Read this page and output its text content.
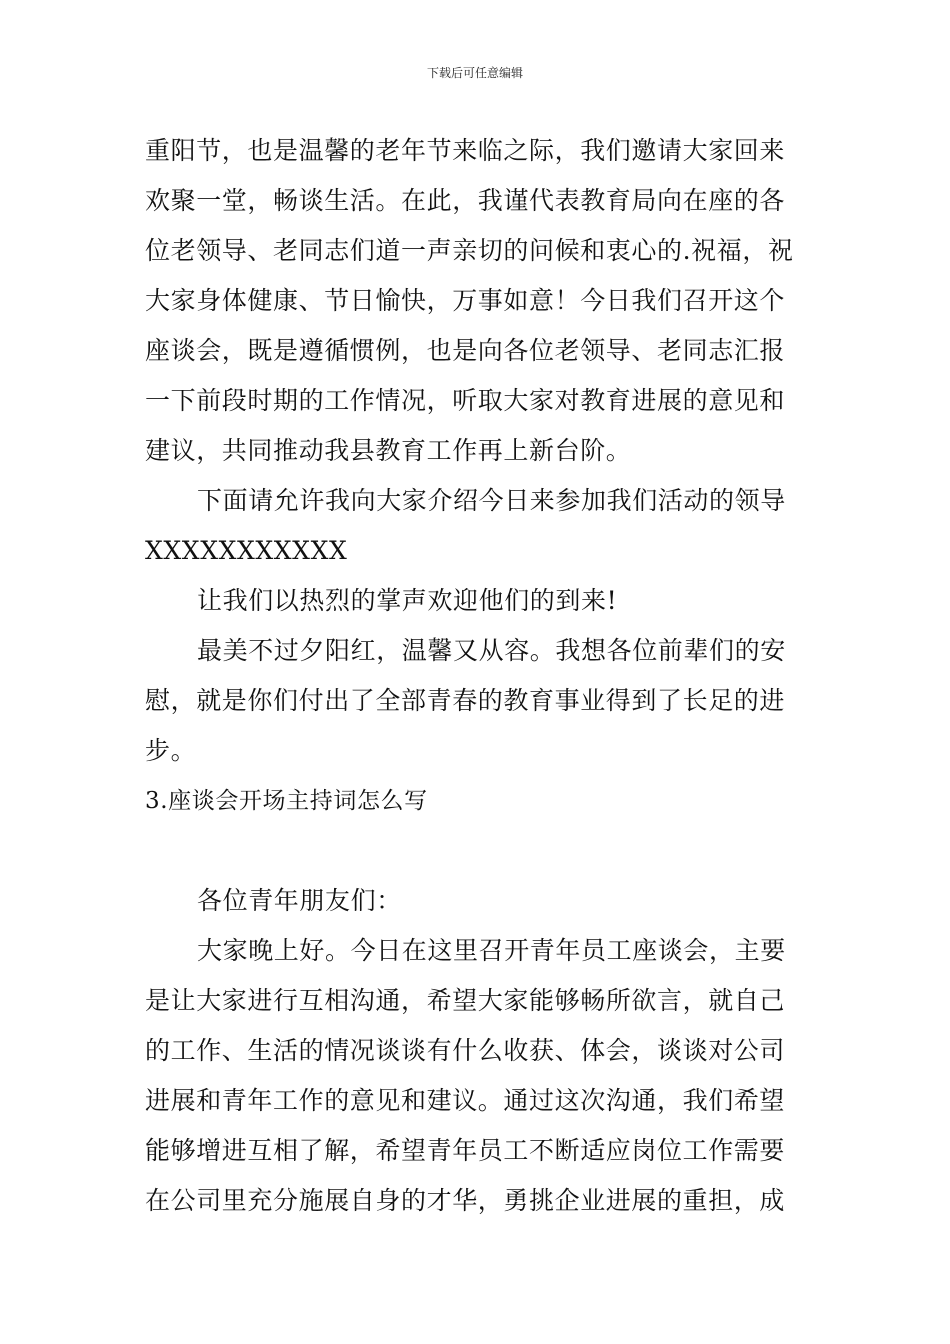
下载后可任意编辑

重阳节，也是温馨的老年节来临之际，我们邀请大家回来欢聚一堂，畅谈生活。在此，我谨代表教育局向在座的各位老领导、老同志们道一声亲切的问候和衷心的.祝福，祝大家身体健康、节日愉快，万事如意！今日我们召开这个座谈会，既是遵循惯例，也是向各位老领导、老同志汇报一下前段时期的工作情况，听取大家对教育进展的意见和建议，共同推动我县教育工作再上新台阶。

下面请允许我向大家介绍今日来参加我们活动的领导XXXXXXXXXXX

让我们以热烈的掌声欢迎他们的到来!

最美不过夕阳红，温馨又从容。我想各位前辈们的安慰，就是你们付出了全部青春的教育事业得到了长足的进步。

3.座谈会开场主持词怎么写

各位青年朋友们：

大家晚上好。今日在这里召开青年员工座谈会，主要是让大家进行互相沟通，希望大家能够畅所欲言，就自己的工作、生活的情况谈谈有什么收获、体会，谈谈对公司进展和青年工作的意见和建议。通过这次沟通，我们希望能够增进互相了解，希望青年员工不断适应岗位工作需要在公司里充分施展自身的才华，勇挑企业进展的重担，成
